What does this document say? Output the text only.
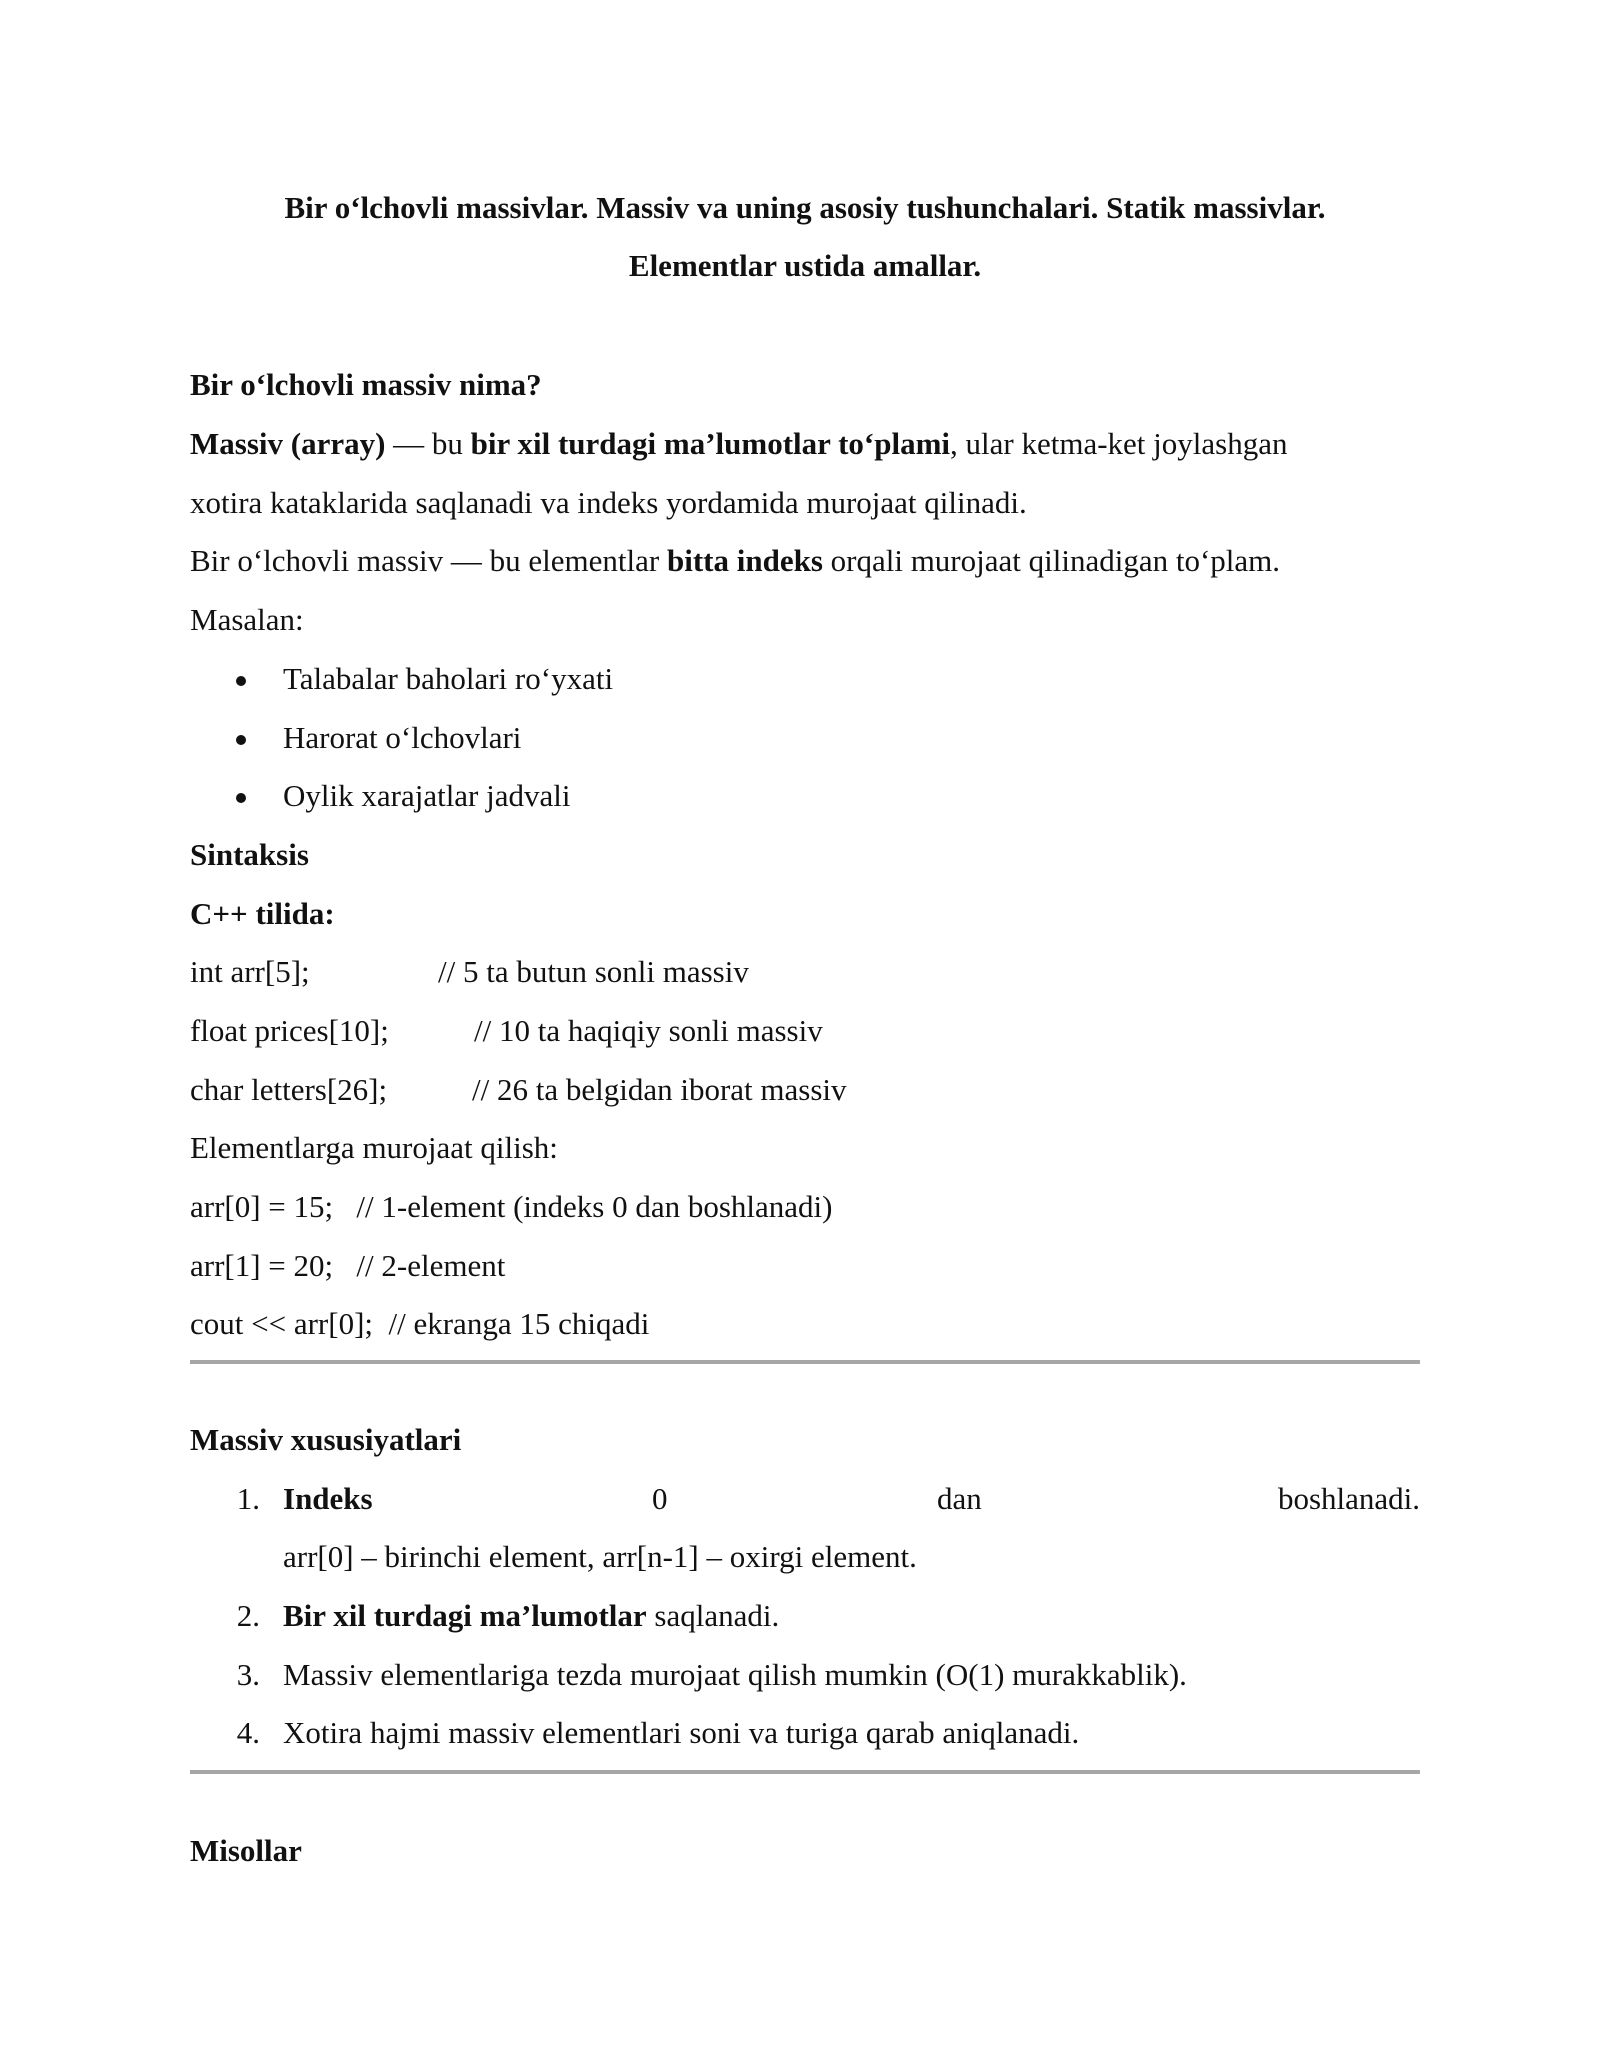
Bir o‘lchovli massivlar. Massiv va uning asosiy tushunchalari. Statik massivlar.
Elementlar ustida amallar.
Bir o‘lchovli massiv nima?
Massiv (array) — bu bir xil turdagi ma’lumotlar to‘plami, ular ketma-ket joylashgan
xotira kataklarida saqlanadi va indeks yordamida murojaat qilinadi.
Bir o‘lchovli massiv — bu elementlar bitta indeks orqali murojaat qilinadigan to‘plam.
Masalan:
Talabalar baholari ro‘yxati
Harorat o‘lchovlari
Oylik xarajatlar jadvali
Sintaksis
C++ tilida:
int arr[5];	// 5 ta butun sonli massiv
float prices[10];	// 10 ta haqiqiy sonli massiv
char letters[26];	// 26 ta belgidan iborat massiv
Elementlarga murojaat qilish:
arr[0] = 15;   // 1-element (indeks 0 dan boshlanadi)
arr[1] = 20;   // 2-element
cout << arr[0];  // ekranga 15 chiqadi
Massiv xususiyatlari
1. Indeks	0	dan	boshlanadi.
arr[0] – birinchi element, arr[n-1] – oxirgi element.
2. Bir xil turdagi ma’lumotlar saqlanadi.
3. Massiv elementlariga tezda murojaat qilish mumkin (O(1) murakkablik).
4. Xotira hajmi massiv elementlari soni va turiga qarab aniqlanadi.
Misollar
